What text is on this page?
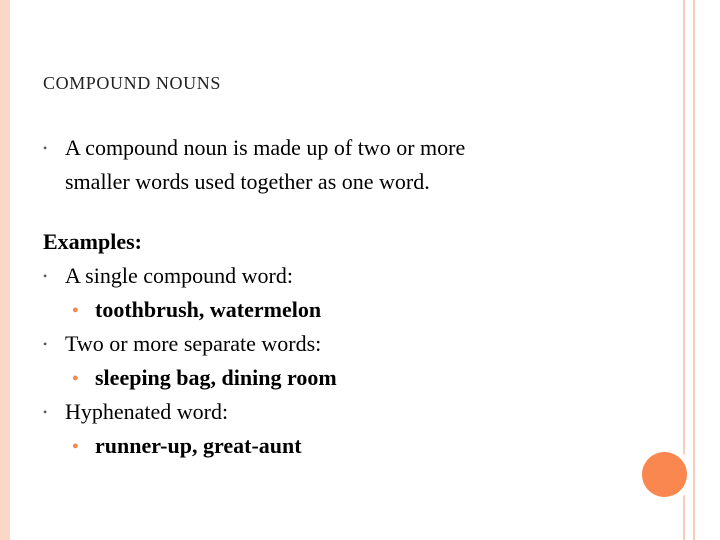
COMPOUND NOUNS
• A compound noun is made up of two or more
smaller words used together as one word.
Examples:
• A single compound word:
● toothbrush, watermelon
• Two or more separate words:
● sleeping bag, dining room
• Hyphenated word:
● runner-up, great-aunt
